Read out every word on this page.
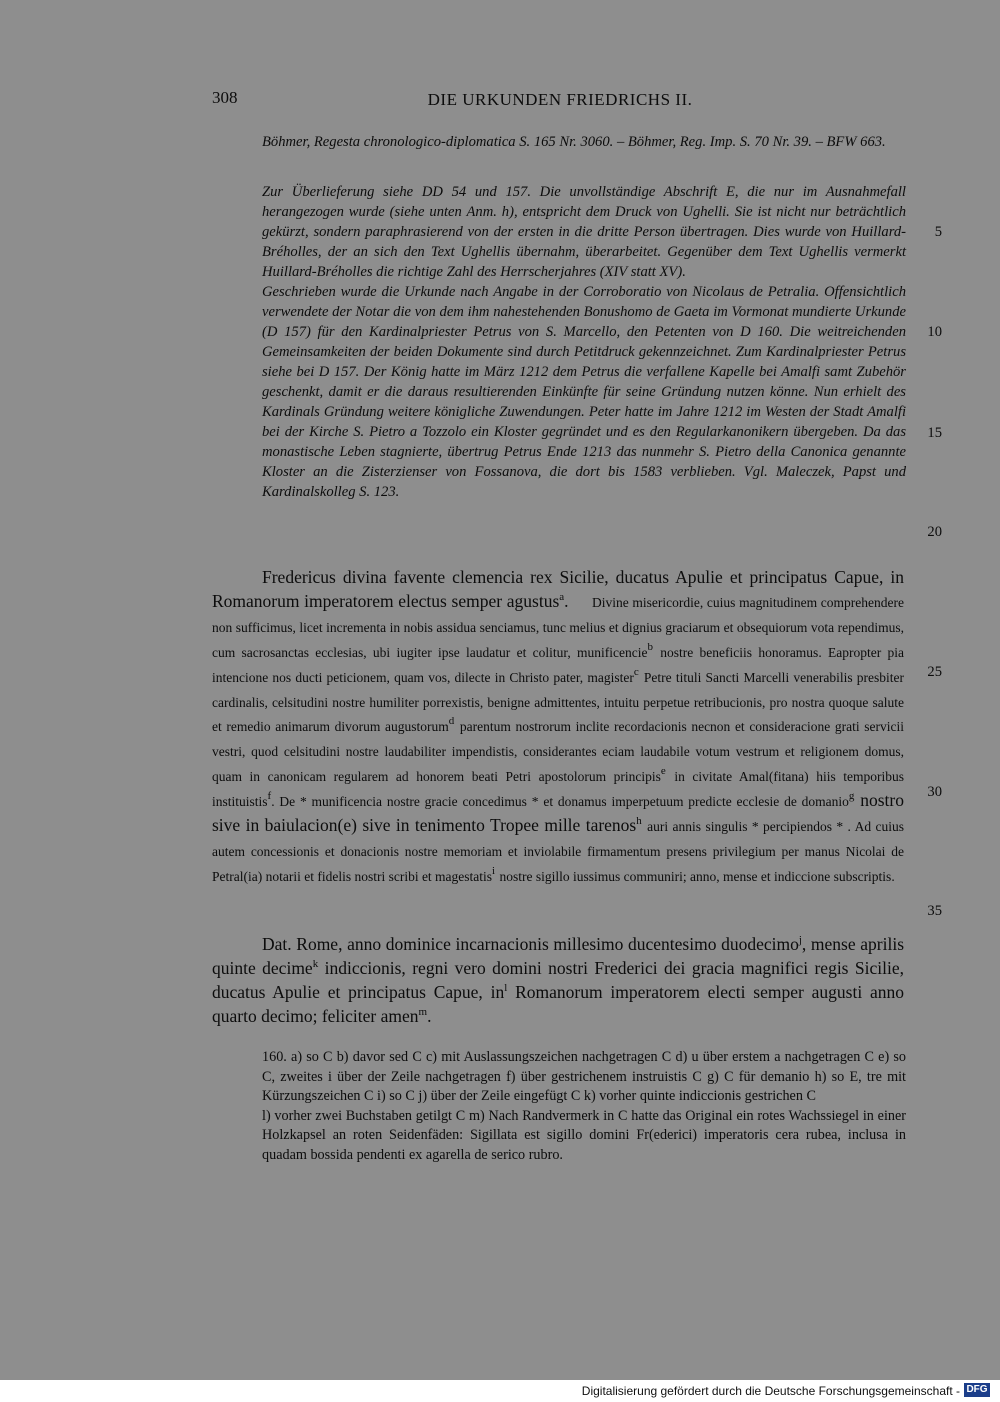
308	DIE URKUNDEN FRIEDRICHS II.

Böhmer, Regesta chronologico-diplomatica S. 165 Nr. 3060. – Böhmer, Reg. Imp. S. 70 Nr. 39. – BFW 663.

Zur Überlieferung siehe DD 54 und 157. Die unvollständige Abschrift E, die nur im Ausnahmefall herangezogen wurde (siehe unten Anm. h), entspricht dem Druck von Ughelli. Sie ist nicht nur beträchtlich gekürzt, sondern paraphrasierend von der ersten in die dritte Person übertragen. Dies wurde von Huillard-Bréholles, der an sich den Text Ughellis übernahm, überarbeitet. Gegenüber dem Text Ughellis vermerkt Huillard-Bréholles die richtige Zahl des Herrscherjahres (XIV statt XV).

Geschrieben wurde die Urkunde nach Angabe in der Corroboratio von Nicolaus de Petralia. Offensichtlich verwendete der Notar die von dem ihm nahestehenden Bonushomo de Gaeta im Vormonat mundierte Urkunde (D 157) für den Kardinalpriester Petrus von S. Marcello, den Petenten von D 160. Die weitreichenden Gemeinsamkeiten der beiden Dokumente sind durch Petitdruck gekennzeichnet. Zum Kardinalpriester Petrus siehe bei D 157. Der König hatte im März 1212 dem Petrus die verfallene Kapelle bei Amalfi samt Zubehör geschenkt, damit er die daraus resultierenden Einkünfte für seine Gründung nutzen könne. Nun erhielt des Kardinals Gründung weitere königliche Zuwendungen. Peter hatte im Jahre 1212 im Westen der Stadt Amalfi bei der Kirche S. Pietro a Tozzolo ein Kloster gegründet und es den Regularkanonikern übergeben. Da das monastische Leben stagnierte, übertrug Petrus Ende 1213 das nunmehr S. Pietro della Canonica genannte Kloster an die Zisterzienser von Fossanova, die dort bis 1583 verblieben. Vgl. Maleczek, Papst und Kardinalskolleg S. 123.

5
10
15
20
25
30
35

Fredericus divina favente clemencia rex Sicilie, ducatus Apulie et principatus Capue, in Romanorum imperatorem electus semper agustus$^a$.     Divine misericordie, cuius magnitudinem comprehendere non sufficimus, licet incrementa in nobis assidua senciamus, tunc melius et dignius graciarum et obsequiorum vota rependimus, cum sacrosanctas ecclesias, ubi iugiter ipse laudatur et colitur, munificencie$^b$ nostre beneficiis honoramus. Eapropter pia intencione nos ducti peticionem, quam vos, dilecte in Christo pater, magister$^c$ Petre tituli Sancti Marcelli venerabilis presbiter cardinalis, celsitudini nostre humiliter porrexistis, benigne admittentes, intuitu perpetue retribucionis, pro nostra quoque salute et remedio animarum divorum augustorum$^d$ parentum nostrorum inclite recordacionis necnon et consideracione grati servicii vestri, quod celsitudini nostre laudabiliter impendistis, considerantes eciam laudabile votum vestrum et religionem domus, quam in canonicam regularem ad honorem beati Petri apostolorum principis$^e$ in civitate Amal(fitana) hiis temporibus instituistis$^f$. De * munificencia nostre gracie concedimus * et donamus imperpetuum predicte ecclesie de domanio$^g$ nostro sive in baiulacion(e) sive in tenimento Tropee mille tarenos$^h$ auri annis singulis * percipiendos * . Ad cuius autem concessionis et donacionis nostre memoriam et inviolabile firmamentum presens privilegium per manus Nicolai de Petral(ia) notarii et fidelis nostri scribi et magestatis$^i$ nostre sigillo iussimus communiri; anno, mense et indiccione subscriptis.

Dat. Rome, anno dominice incarnacionis millesimo ducentesimo duodecimo$^j$, mense aprilis quinte decime$^k$ indiccionis, regni vero domini nostri Frederici dei gracia magnifici regis Sicilie, ducatus Apulie et principatus Capue, $in^l$ Romanorum imperatorem electi semper augusti anno quarto decimo; feliciter amen$^m$.

160. a) so C b) davor sed C c) mit Auslassungszeichen nachgetragen C d) u über erstem a nachgetragen C e) so C, zweites i über der Zeile nachgetragen f) über gestrichenem instruistis C g) C für demanio h) so E, tre mit Kürzungszeichen C i) so C j) über der Zeile eingefügt C k) vorher quinte indiccionis gestrichen C

l) vorher zwei Buchstaben getilgt C m) Nach Randvermerk in C hatte das Original ein rotes Wachssiegel in einer Holzkapsel an roten Seidenfäden: Sigillata est sigillo domini Fr(ederici) imperatoris cera rubea, inclusa in quadam bossida pendenti ex agarella de serico rubro.

Digitalisierung gefördert durch die Deutsche Forschungsgemeinschaft - DFG
